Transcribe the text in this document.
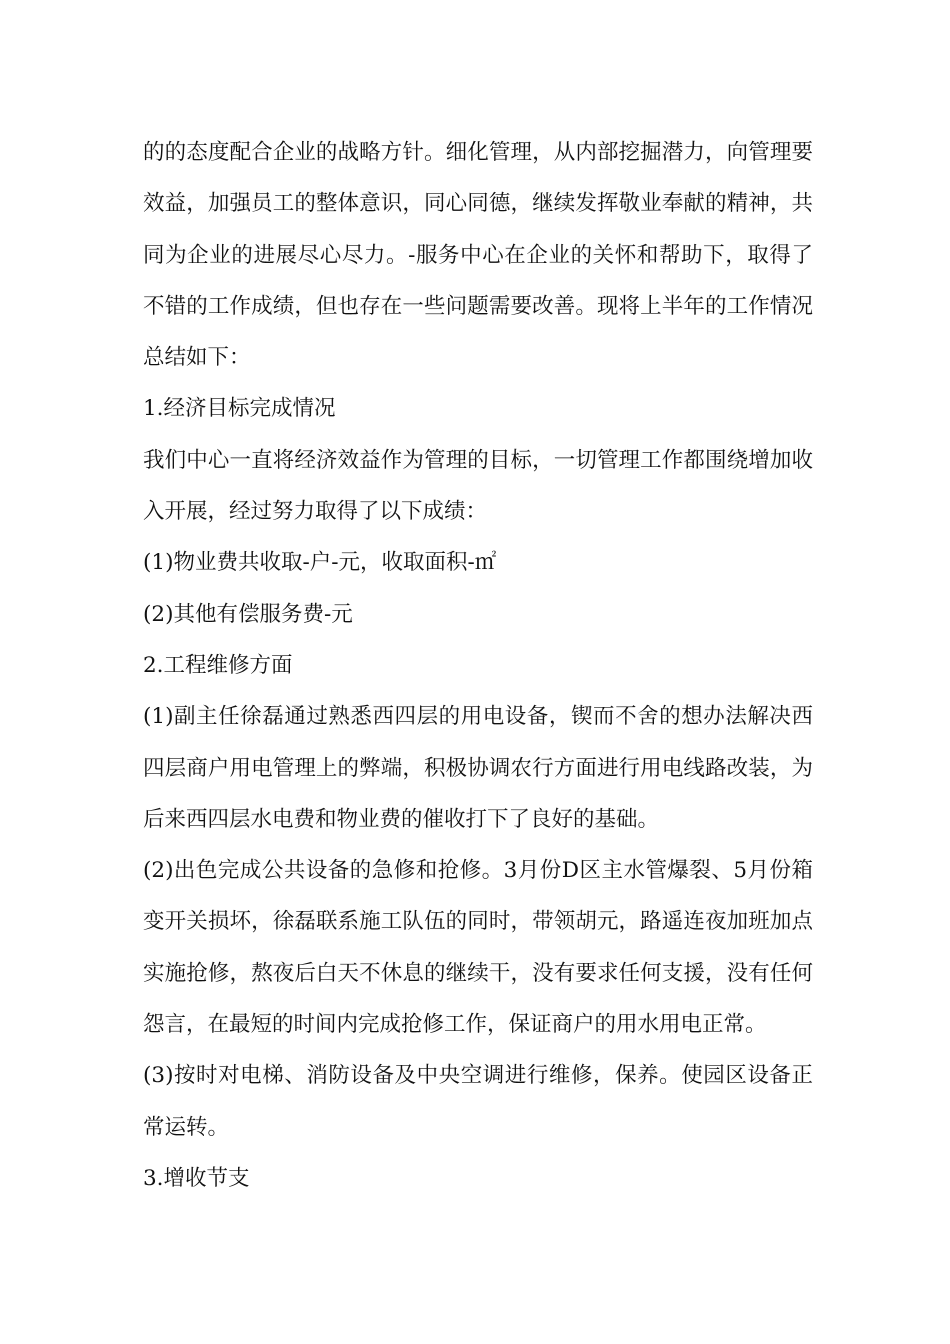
的的态度配合企业的战略方针。细化管理，从内部挖掘潜力，向管理要效益，加强员工的整体意识，同心同德，继续发挥敬业奉献的精神，共同为企业的进展尽心尽力。-服务中心在企业的关怀和帮助下，取得了不错的工作成绩，但也存在一些问题需要改善。现将上半年的工作情况总结如下：

1.经济目标完成情况

我们中心一直将经济效益作为管理的目标，一切管理工作都围绕增加收入开展，经过努力取得了以下成绩：

(1)物业费共收取-户-元，收取面积-㎡

(2)其他有偿服务费-元

2.工程维修方面

(1)副主任徐磊通过熟悉西四层的用电设备，锲而不舍的想办法解决西四层商户用电管理上的弊端，积极协调农行方面进行用电线路改装，为后来西四层水电费和物业费的催收打下了良好的基础。

(2)出色完成公共设备的急修和抢修。3月份D区主水管爆裂、5月份箱变开关损坏，徐磊联系施工队伍的同时，带领胡元，路遥连夜加班加点实施抢修，熬夜后白天不休息的继续干，没有要求任何支援，没有任何怨言，在最短的时间内完成抢修工作，保证商户的用水用电正常。

(3)按时对电梯、消防设备及中央空调进行维修，保养。使园区设备正常运转。

3.增收节支
